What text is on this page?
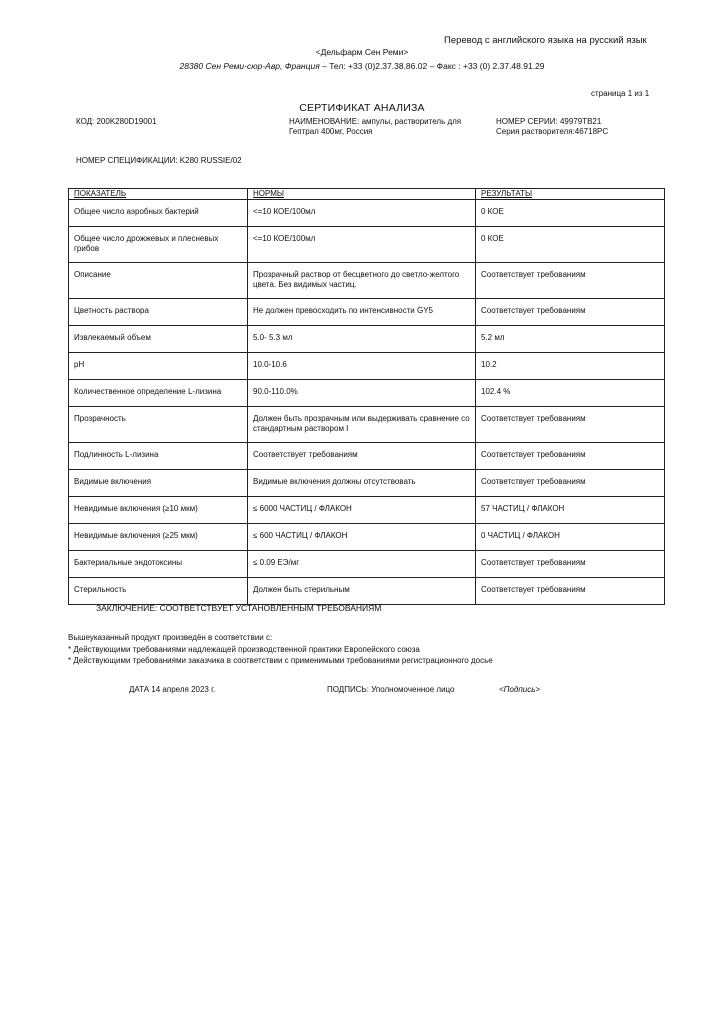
Перевод с английского языка на русский язык
<Дельфарм Сен Реми>
28380 Сен Реми-сюр-Авр, Франция – Тел: +33 (0)2.37.38.86.02 – Факс : +33 (0) 2.37.48.91.29
страница 1 из 1
СЕРТИФИКАТ АНАЛИЗА
КОД: 200K280D19001	НАИМЕНОВАНИЕ: ампулы, растворитель для Гептрал 400мг, Россия
НОМЕР СЕРИИ: 49979TB21
Серия растворителя:46718PC
НОМЕР СПЕЦИФИКАЦИИ: K280 RUSSIE/02
ПОКАЗАТЕЛЬ	НОРМЫ	РЕЗУЛЬТАТЫ
Общее число аэробных бактерий	<=10 КОЕ/100мл	0 КОЕ
Общее число дрожжевых и плесневых грибов	<=10 КОЕ/100мл	0 КОЕ
Описание	Прозрачный раствор от бесцветного до светло-желтого цвета. Без видимых частиц.	Соответствует требованиям
Цветность раствора	Не должен превосходить по интенсивности GY5	Соответствует требованиям
Извлекаемый объем	5.0- 5.3 мл	5.2 мл
pH	10.0-10.6	10.2
Количественное определение L-лизина	90.0-110.0%	102.4 %
Прозрачность	Должен быть прозрачным или выдерживать сравнение со стандартным раствором I	Соответствует требованиям
Подлинность L-лизина	Соответствует требованиям	Соответствует требованиям
Видимые включения	Видимые включения должны отсутствовать	Соответствует требованиям
Невидимые включения (≥10 мкм)	≤ 6000 ЧАСТИЦ / ФЛАКОН	57 ЧАСТИЦ / ФЛАКОН
Невидимые включения (≥25 мкм)	≤ 600 ЧАСТИЦ / ФЛАКОН	0 ЧАСТИЦ / ФЛАКОН
Бактериальные эндотоксины	≤ 0.09 ЕЭ/мг	Соответствует требованиям
Стерильность	Должен быть стерильным	Соответствует требованиям
ЗАКЛЮЧЕНИЕ: СООТВЕТСТВУЕТ УСТАНОВЛЕННЫМ ТРЕБОВАНИЯМ
Вышеуказанный продукт произведён в соответствии с:
* Действующими требованиями надлежащей производственной практики Европейского союза
* Действующими требованиями заказчика в соответствии с применимыми требованиями регистрационного досье
ДАТА 14 апреля 2023 г.	ПОДПИСЬ: Уполномоченное лицо	<Подпись>
